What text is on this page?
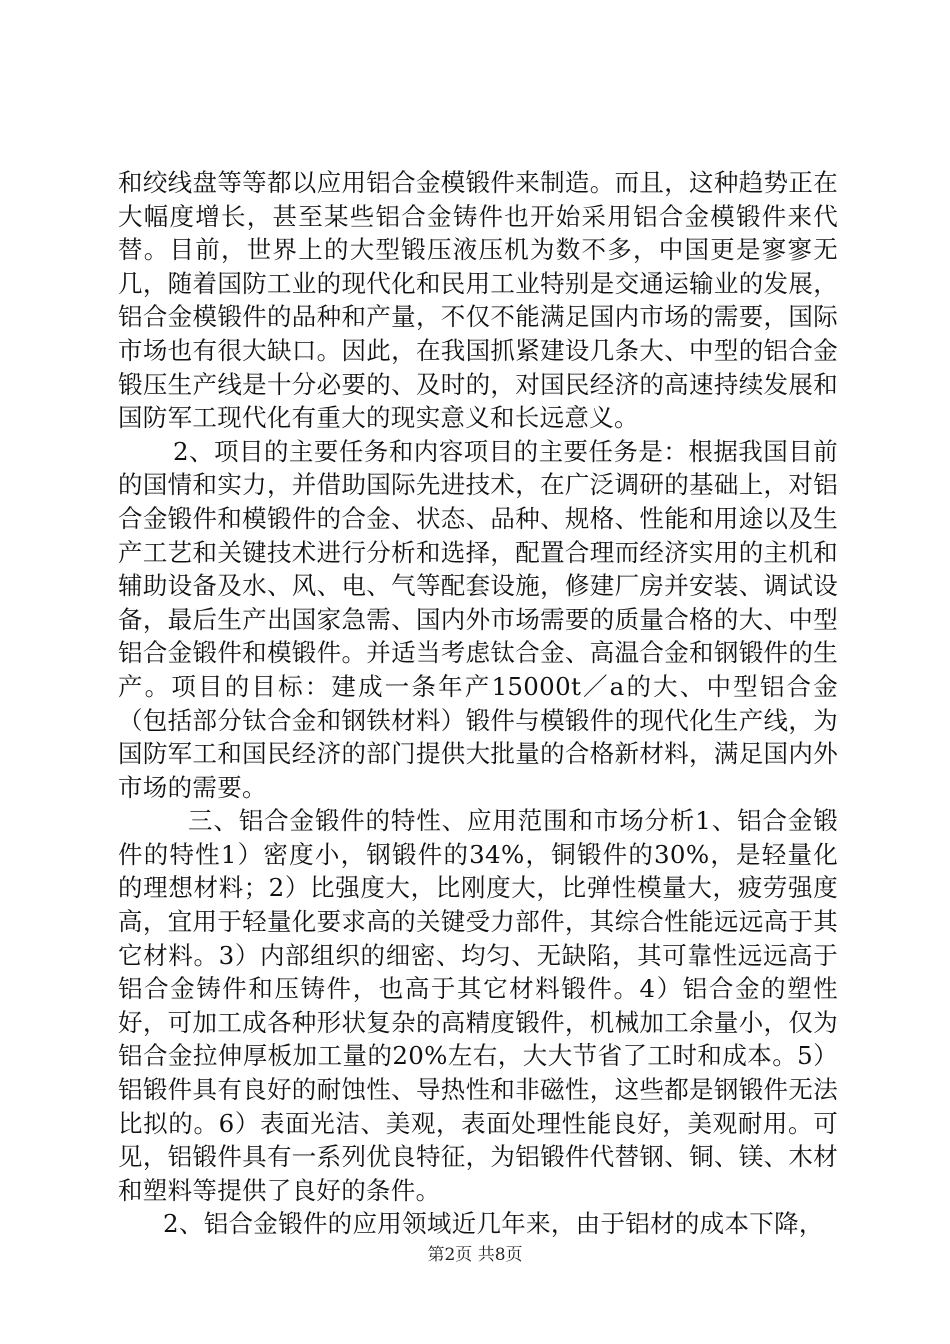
和绞线盘等等都以应用铝合金模锻件来制造。而且，这种趋势正在大幅度增长，甚至某些铝合金铸件也开始采用铝合金模锻件来代替。目前，世界上的大型锻压液压机为数不多，中国更是寥寥无几，随着国防工业的现代化和民用工业特别是交通运输业的发展，铝合金模锻件的品种和产量，不仅不能满足国内市场的需要，国际市场也有很大缺口。因此，在我国抓紧建设几条大、中型的铝合金锻压生产线是十分必要的、及时的，对国民经济的高速持续发展和国防军工现代化有重大的现实意义和长远意义。

2、项目的主要任务和内容项目的主要任务是：根据我国目前的国情和实力，并借助国际先进技术，在广泛调研的基础上，对铝合金锻件和模锻件的合金、状态、品种、规格、性能和用途以及生产工艺和关键技术进行分析和选择，配置合理而经济实用的主机和辅助设备及水、风、电、气等配套设施，修建厂房并安装、调试设备，最后生产出国家急需、国内外市场需要的质量合格的大、中型铝合金锻件和模锻件。并适当考虑钛合金、高温合金和钢锻件的生产。项目的目标：建成一条年产15000t／a的大、中型铝合金（包括部分钛合金和钢铁材料）锻件与模锻件的现代化生产线，为国防军工和国民经济的部门提供大批量的合格新材料，满足国内外市场的需要。

三、铝合金锻件的特性、应用范围和市场分析1、铝合金锻件的特性1）密度小，钢锻件的34%，铜锻件的30%，是轻量化的理想材料；2）比强度大，比刚度大，比弹性模量大，疲劳强度高，宜用于轻量化要求高的关键受力部件，其综合性能远远高于其它材料。3）内部组织的细密、均匀、无缺陷，其可靠性远远高于铝合金铸件和压铸件，也高于其它材料锻件。4）铝合金的塑性好，可加工成各种形状复杂的高精度锻件，机械加工余量小，仅为铝合金拉伸厚板加工量的20%左右，大大节省了工时和成本。5）铝锻件具有良好的耐蚀性、导热性和非磁性，这些都是钢锻件无法比拟的。6）表面光洁、美观，表面处理性能良好，美观耐用。可见，铝锻件具有一系列优良特征，为铝锻件代替钢、铜、镁、木材和塑料等提供了良好的条件。

2、铝合金锻件的应用领域近几年来，由于铝材的成本下降，

第2页 共8页
